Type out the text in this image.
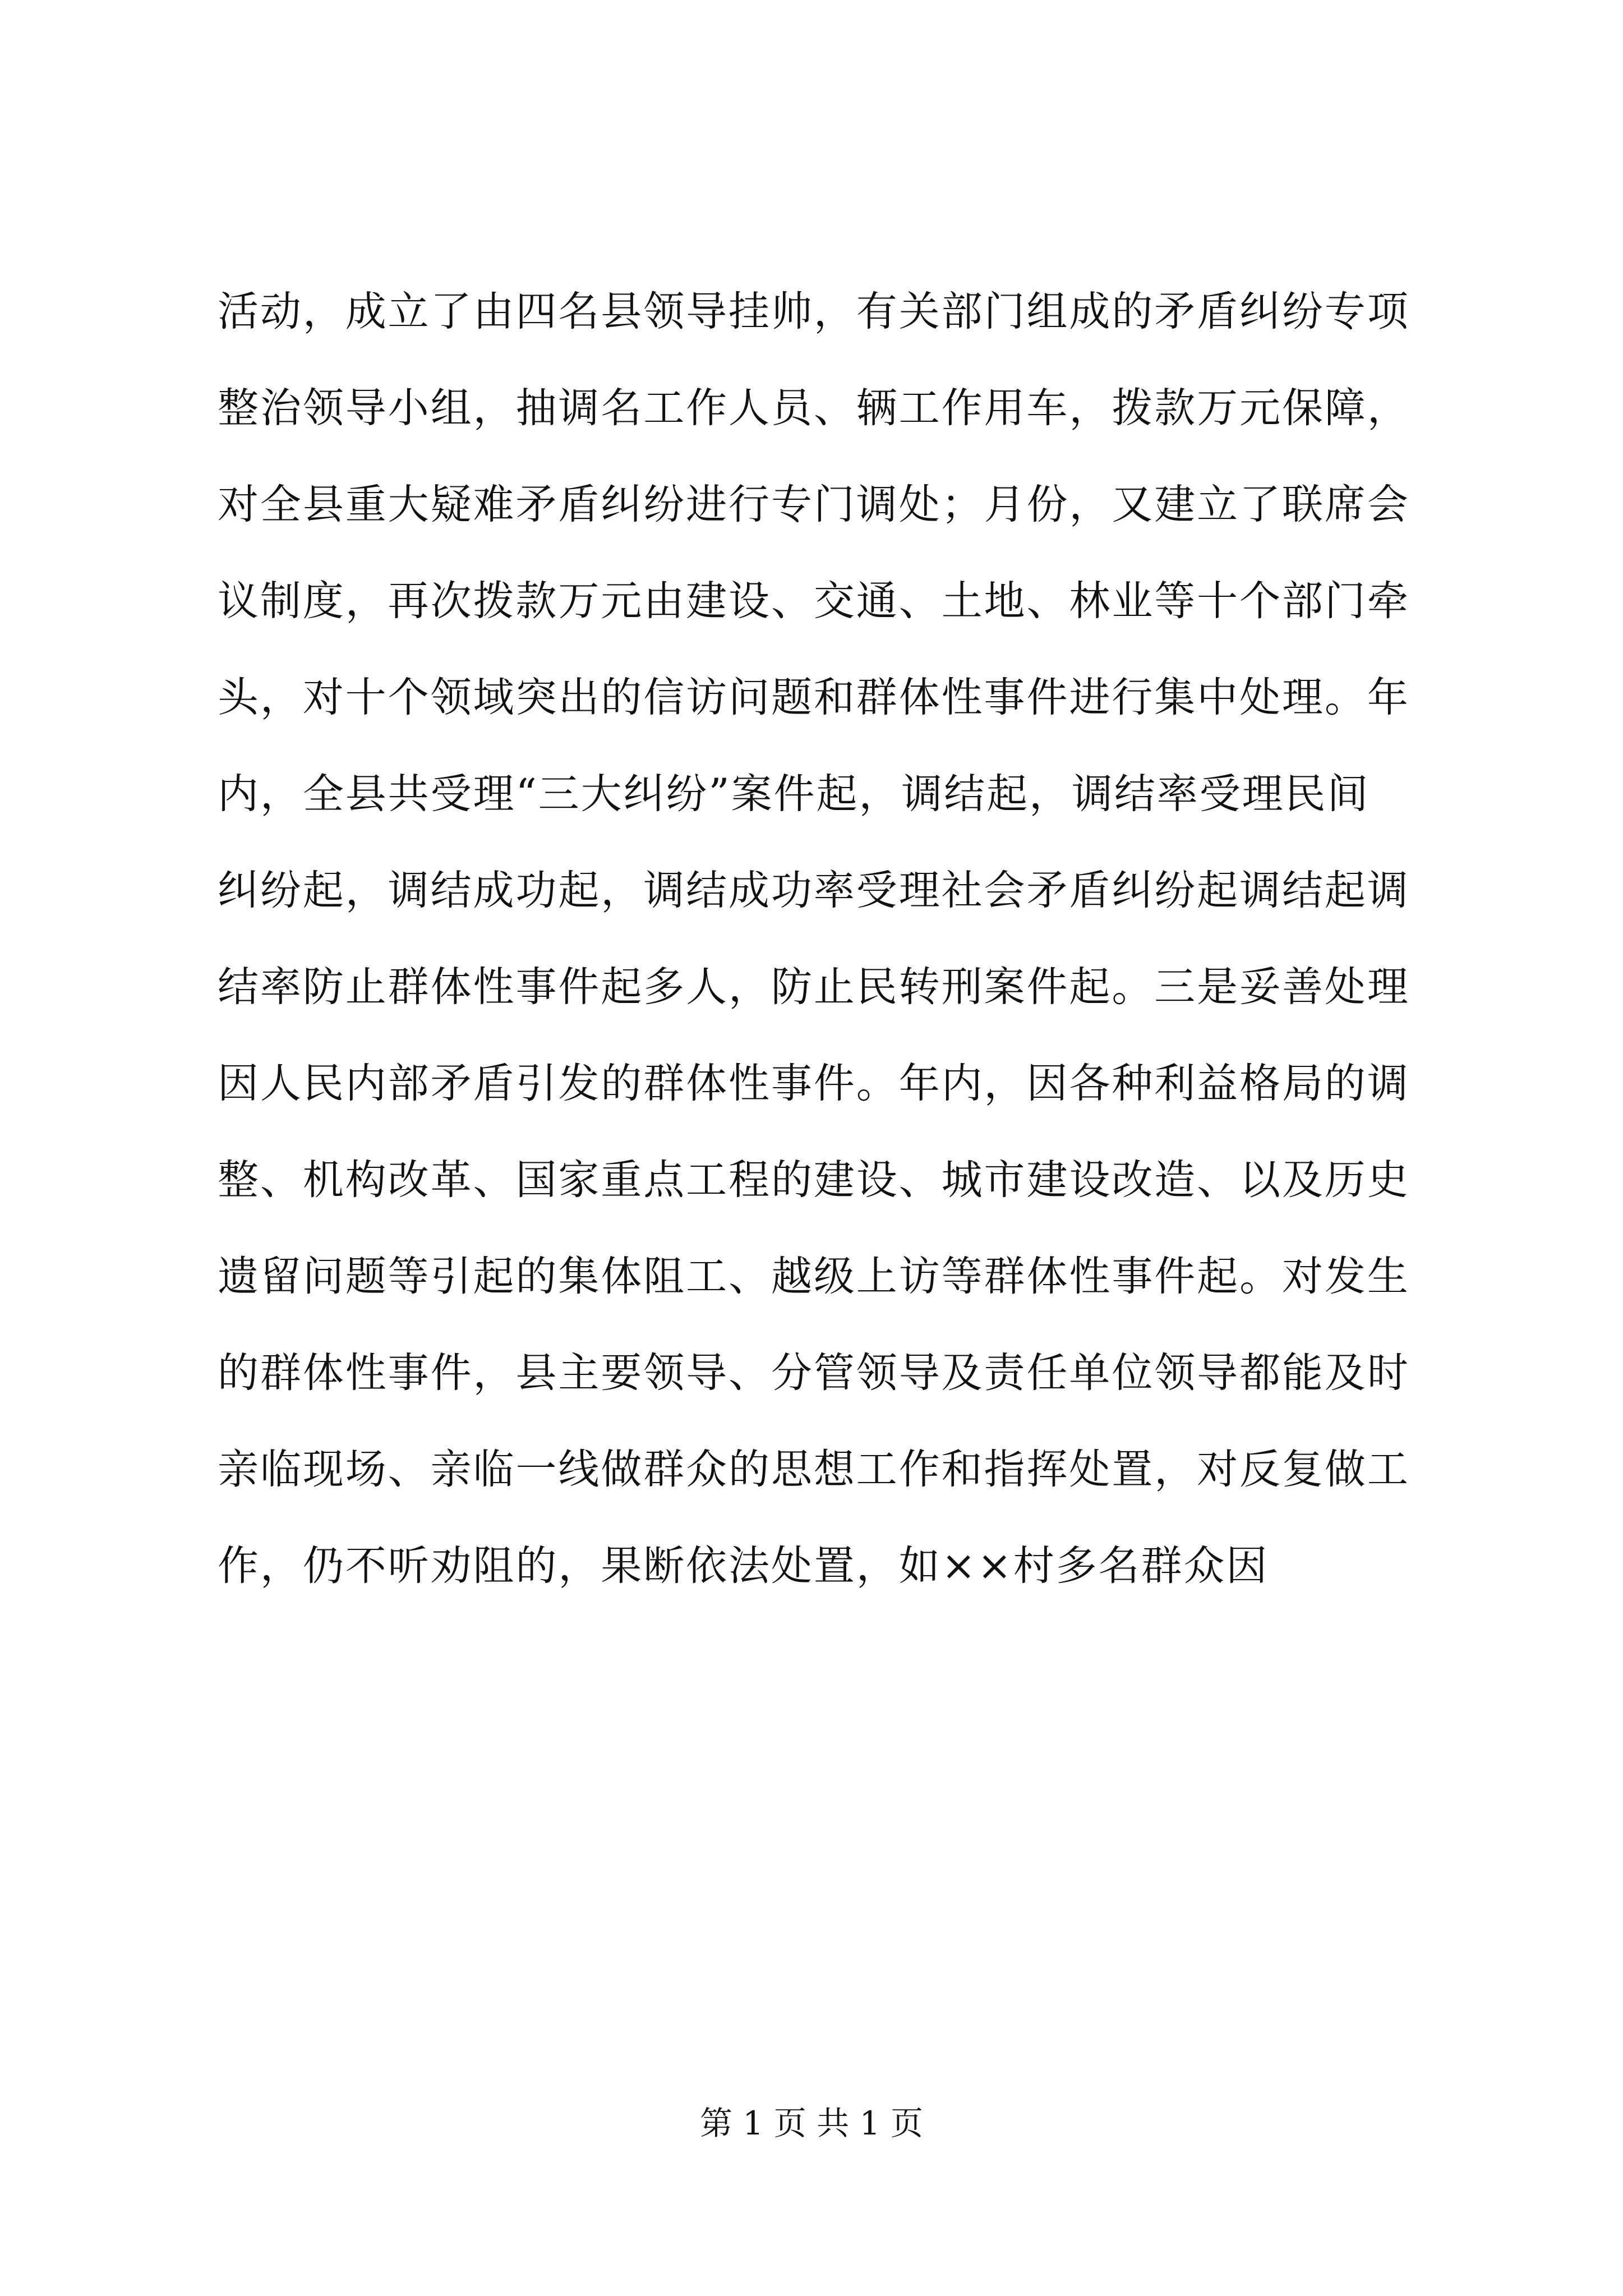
活动，成立了由四名县领导挂帅，有关部门组成的矛盾纠纷专项
整治领导小组，抽调名工作人员、辆工作用车，拨款万元保障，
对全县重大疑难矛盾纠纷进行专门调处；月份，又建立了联席会
议制度，再次拨款万元由建设、交通、土地、林业等十个部门牵
头，对十个领域突出的信访问题和群体性事件进行集中处理。年
内，全县共受理“三大纠纷”案件起，调结起，调结率受理民间
纠纷起，调结成功起，调结成功率受理社会矛盾纠纷起调结起调
结率防止群体性事件起多人，防止民转刑案件起。三是妥善处理
因人民内部矛盾引发的群体性事件。年内，因各种利益格局的调
整、机构改革、国家重点工程的建设、城市建设改造、以及历史
遗留问题等引起的集体阻工、越级上访等群体性事件起。对发生
的群体性事件，县主要领导、分管领导及责任单位领导都能及时
亲临现场、亲临一线做群众的思想工作和指挥处置，对反复做工
作，仍不听劝阻的，果断依法处置，如××村多名群众因
第 1 页 共 1 页
